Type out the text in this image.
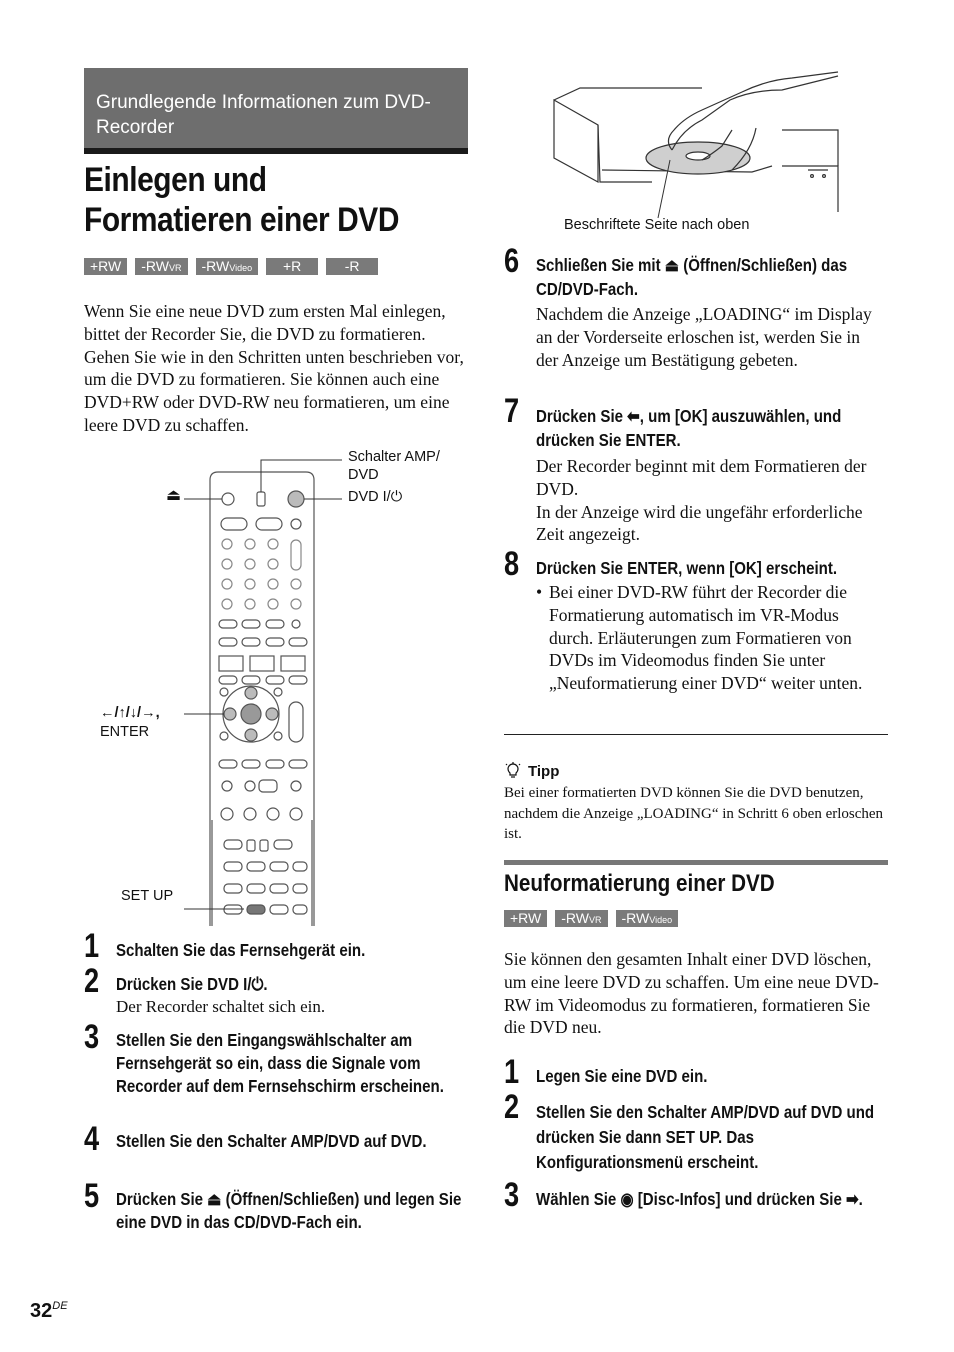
Grundlegende Informationen zum DVD-Recorder
Einlegen und Formatieren einer DVD
+RW	-RWVR	-RWVideo	+R	-R
Wenn Sie eine neue DVD zum ersten Mal einlegen, bittet der Recorder Sie, die DVD zu formatieren. Gehen Sie wie in den Schritten unten beschrieben vor, um die DVD zu formatieren. Sie können auch eine DVD+RW oder DVD-RW neu formatieren, um eine leere DVD zu schaffen.
Schalter AMP/ DVD
DVD I/⏻
⏏
←/↑/↓/→,
ENTER
SET UP
1 Schalten Sie das Fernsehgerät ein.
2 Drücken Sie DVD I/⏻.
Der Recorder schaltet sich ein.
3 Stellen Sie den Eingangswählschalter am Fernsehgerät so ein, dass die Signale vom Recorder auf dem Fernsehschirm erscheinen.
4 Stellen Sie den Schalter AMP/DVD auf DVD.
5 Drücken Sie ⏏ (Öffnen/Schließen) und legen Sie eine DVD in das CD/DVD-Fach ein.
Beschriftete Seite nach oben
6 Schließen Sie mit ⏏ (Öffnen/Schließen) das CD/DVD-Fach.
Nachdem die Anzeige „LOADING“ im Display an der Vorderseite erloschen ist, werden Sie in der Anzeige um Bestätigung gebeten.
7 Drücken Sie ⬅, um [OK] auszuwählen, und drücken Sie ENTER.
Der Recorder beginnt mit dem Formatieren der DVD.
In der Anzeige wird die ungefähr erforderliche Zeit angezeigt.
8 Drücken Sie ENTER, wenn [OK] erscheint.
• Bei einer DVD-RW führt der Recorder die Formatierung automatisch im VR-Modus durch. Erläuterungen zum Formatieren von DVDs im Videomodus finden Sie unter „Neuformatierung einer DVD“ weiter unten.
Tipp
Bei einer formatierten DVD können Sie die DVD benutzen, nachdem die Anzeige „LOADING“ in Schritt 6 oben erloschen ist.
Neuformatierung einer DVD
+RW	-RWVR	-RWVideo
Sie können den gesamten Inhalt einer DVD löschen, um eine leere DVD zu schaffen. Um eine neue DVD-RW im Videomodus zu formatieren, formatieren Sie die DVD neu.
1 Legen Sie eine DVD ein.
2 Stellen Sie den Schalter AMP/DVD auf DVD und drücken Sie dann SET UP. Das Konfigurationsmenü erscheint.
3 Wählen Sie ◉ [Disc-Infos] und drücken Sie ➡.
32DE
